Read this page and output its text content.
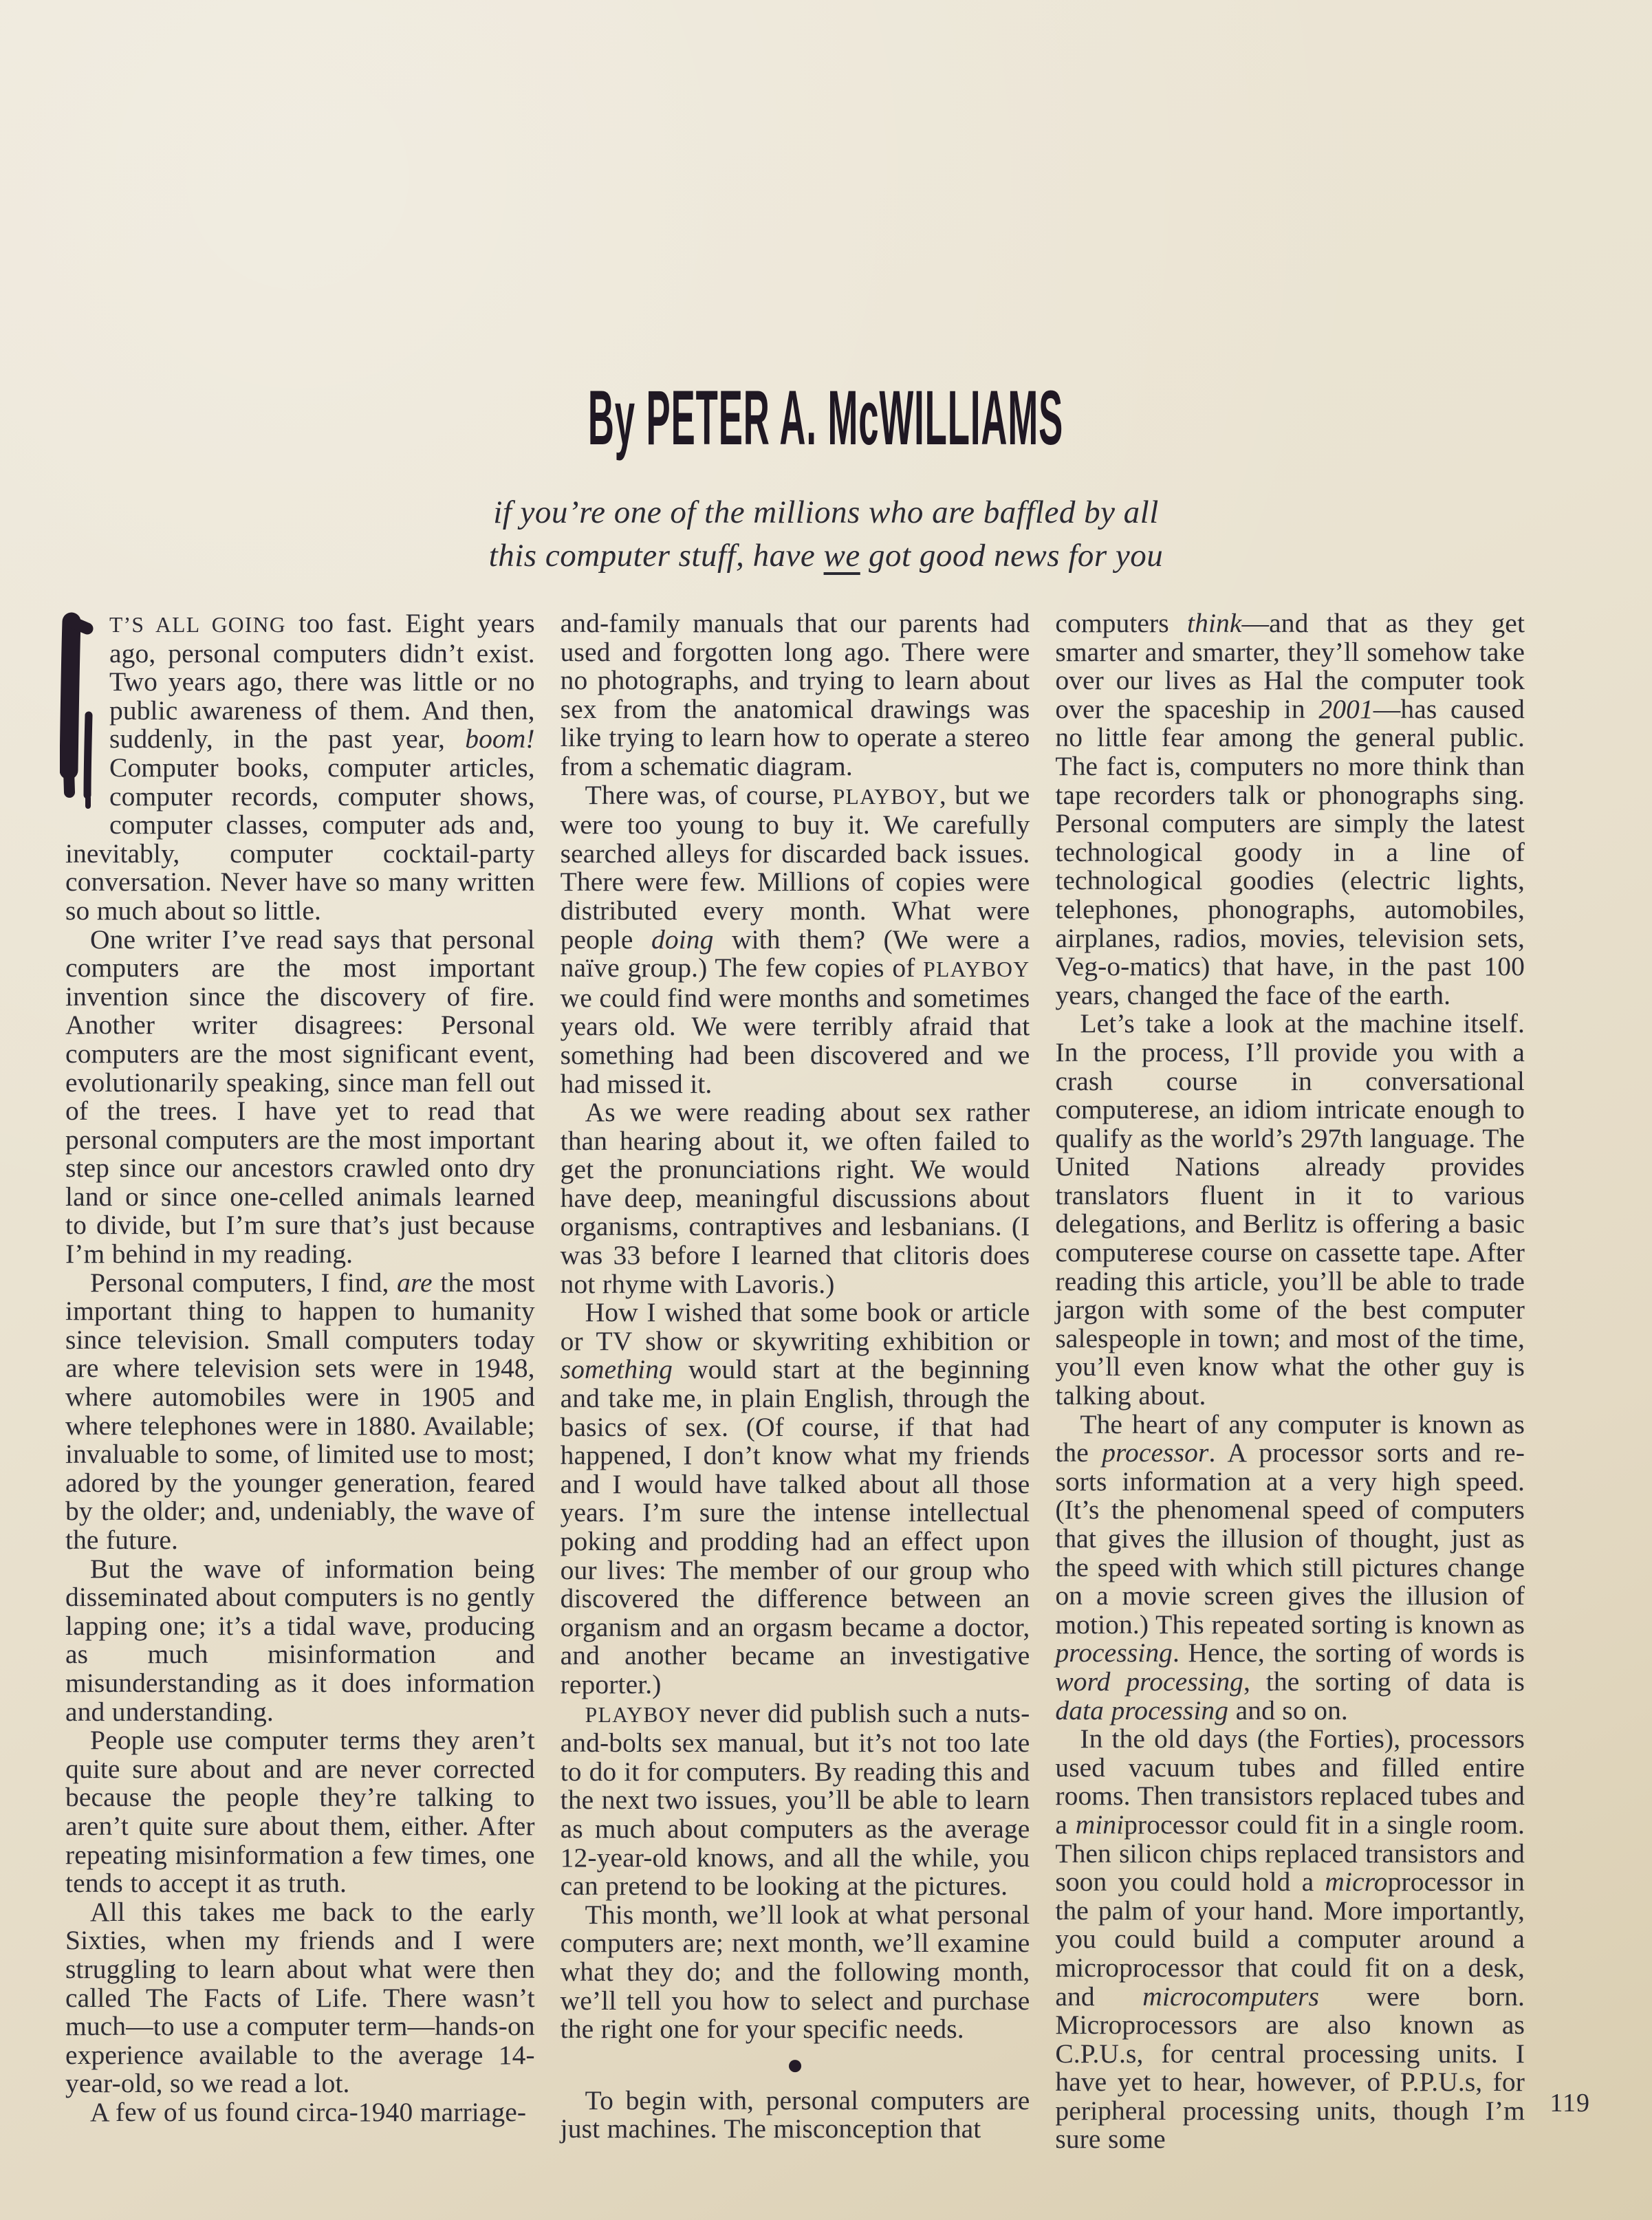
By PETER A. McWILLIAMS
if you’re one of the millions who are baffled by all
this computer stuff, have we got good news for you

T’S ALL GOING too fast. Eight years ago, personal computers didn’t exist. Two years ago, there was little or no public awareness of them. And then, suddenly, in the past year, boom! Computer books, computer articles, computer records, computer shows, computer classes, computer ads and, inevitably, computer cocktail-party conversation. Never have so many written so much about so little.

One writer I’ve read says that personal computers are the most important invention since the discovery of fire. Another writer disagrees: Personal computers are the most significant event, evolutionarily speaking, since man fell out of the trees. I have yet to read that personal computers are the most important step since our ancestors crawled onto dry land or since one-celled animals learned to divide, but I’m sure that’s just because I’m behind in my reading.

Personal computers, I find, are the most important thing to happen to humanity since television. Small computers today are where television sets were in 1948, where automobiles were in 1905 and where telephones were in 1880. Available; invaluable to some, of limited use to most; adored by the younger generation, feared by the older; and, undeniably, the wave of the future.

But the wave of information being disseminated about computers is no gently lapping one; it’s a tidal wave, producing as much misinformation and misunderstanding as it does information and understanding.

People use computer terms they aren’t quite sure about and are never corrected because the people they’re talking to aren’t quite sure about them, either. After repeating misinformation a few times, one tends to accept it as truth.

All this takes me back to the early Sixties, when my friends and I were struggling to learn about what were then called The Facts of Life. There wasn’t much—to use a computer term—hands-on experience available to the average 14-year-old, so we read a lot.

A few of us found circa-1940 marriage-

and-family manuals that our parents had used and forgotten long ago. There were no photographs, and trying to learn about sex from the anatomical drawings was like trying to learn how to operate a stereo from a schematic diagram.

There was, of course, PLAYBOY, but we were too young to buy it. We carefully searched alleys for discarded back issues. There were few. Millions of copies were distributed every month. What were people doing with them? (We were a naïve group.) The few copies of PLAYBOY we could find were months and sometimes years old. We were terribly afraid that something had been discovered and we had missed it.

As we were reading about sex rather than hearing about it, we often failed to get the pronunciations right. We would have deep, meaningful discussions about organisms, contraptives and lesbanians. (I was 33 before I learned that clitoris does not rhyme with Lavoris.)

How I wished that some book or article or TV show or skywriting exhibition or something would start at the beginning and take me, in plain English, through the basics of sex. (Of course, if that had happened, I don’t know what my friends and I would have talked about all those years. I’m sure the intense intellectual poking and prodding had an effect upon our lives: The member of our group who discovered the difference between an organism and an orgasm became a doctor, and another became an investigative reporter.)

PLAYBOY never did publish such a nuts-and-bolts sex manual, but it’s not too late to do it for computers. By reading this and the next two issues, you’ll be able to learn as much about computers as the average 12-year-old knows, and all the while, you can pretend to be looking at the pictures.

This month, we’ll look at what personal computers are; next month, we’ll examine what they do; and the following month, we’ll tell you how to select and purchase the right one for your specific needs.

●

To begin with, personal computers are just machines. The misconception that

computers think—and that as they get smarter and smarter, they’ll somehow take over our lives as Hal the computer took over the spaceship in 2001—has caused no little fear among the general public. The fact is, computers no more think than tape recorders talk or phonographs sing. Personal computers are simply the latest technological goody in a line of technological goodies (electric lights, telephones, phonographs, automobiles, airplanes, radios, movies, television sets, Veg-o-matics) that have, in the past 100 years, changed the face of the earth.

Let’s take a look at the machine itself. In the process, I’ll provide you with a crash course in conversational computerese, an idiom intricate enough to qualify as the world’s 297th language. The United Nations already provides translators fluent in it to various delegations, and Berlitz is offering a basic computerese course on cassette tape. After reading this article, you’ll be able to trade jargon with some of the best computer salespeople in town; and most of the time, you’ll even know what the other guy is talking about.

The heart of any computer is known as the processor. A processor sorts and re-sorts information at a very high speed. (It’s the phenomenal speed of computers that gives the illusion of thought, just as the speed with which still pictures change on a movie screen gives the illusion of motion.) This repeated sorting is known as processing. Hence, the sorting of words is word processing, the sorting of data is data processing and so on.

In the old days (the Forties), processors used vacuum tubes and filled entire rooms. Then transistors replaced tubes and a miniprocessor could fit in a single room. Then silicon chips replaced transistors and soon you could hold a microprocessor in the palm of your hand. More importantly, you could build a computer around a microprocessor that could fit on a desk, and microcomputers were born. Microprocessors are also known as C.P.U.s, for central processing units. I have yet to hear, however, of P.P.U.s, for peripheral processing units, though I’m sure some

119
